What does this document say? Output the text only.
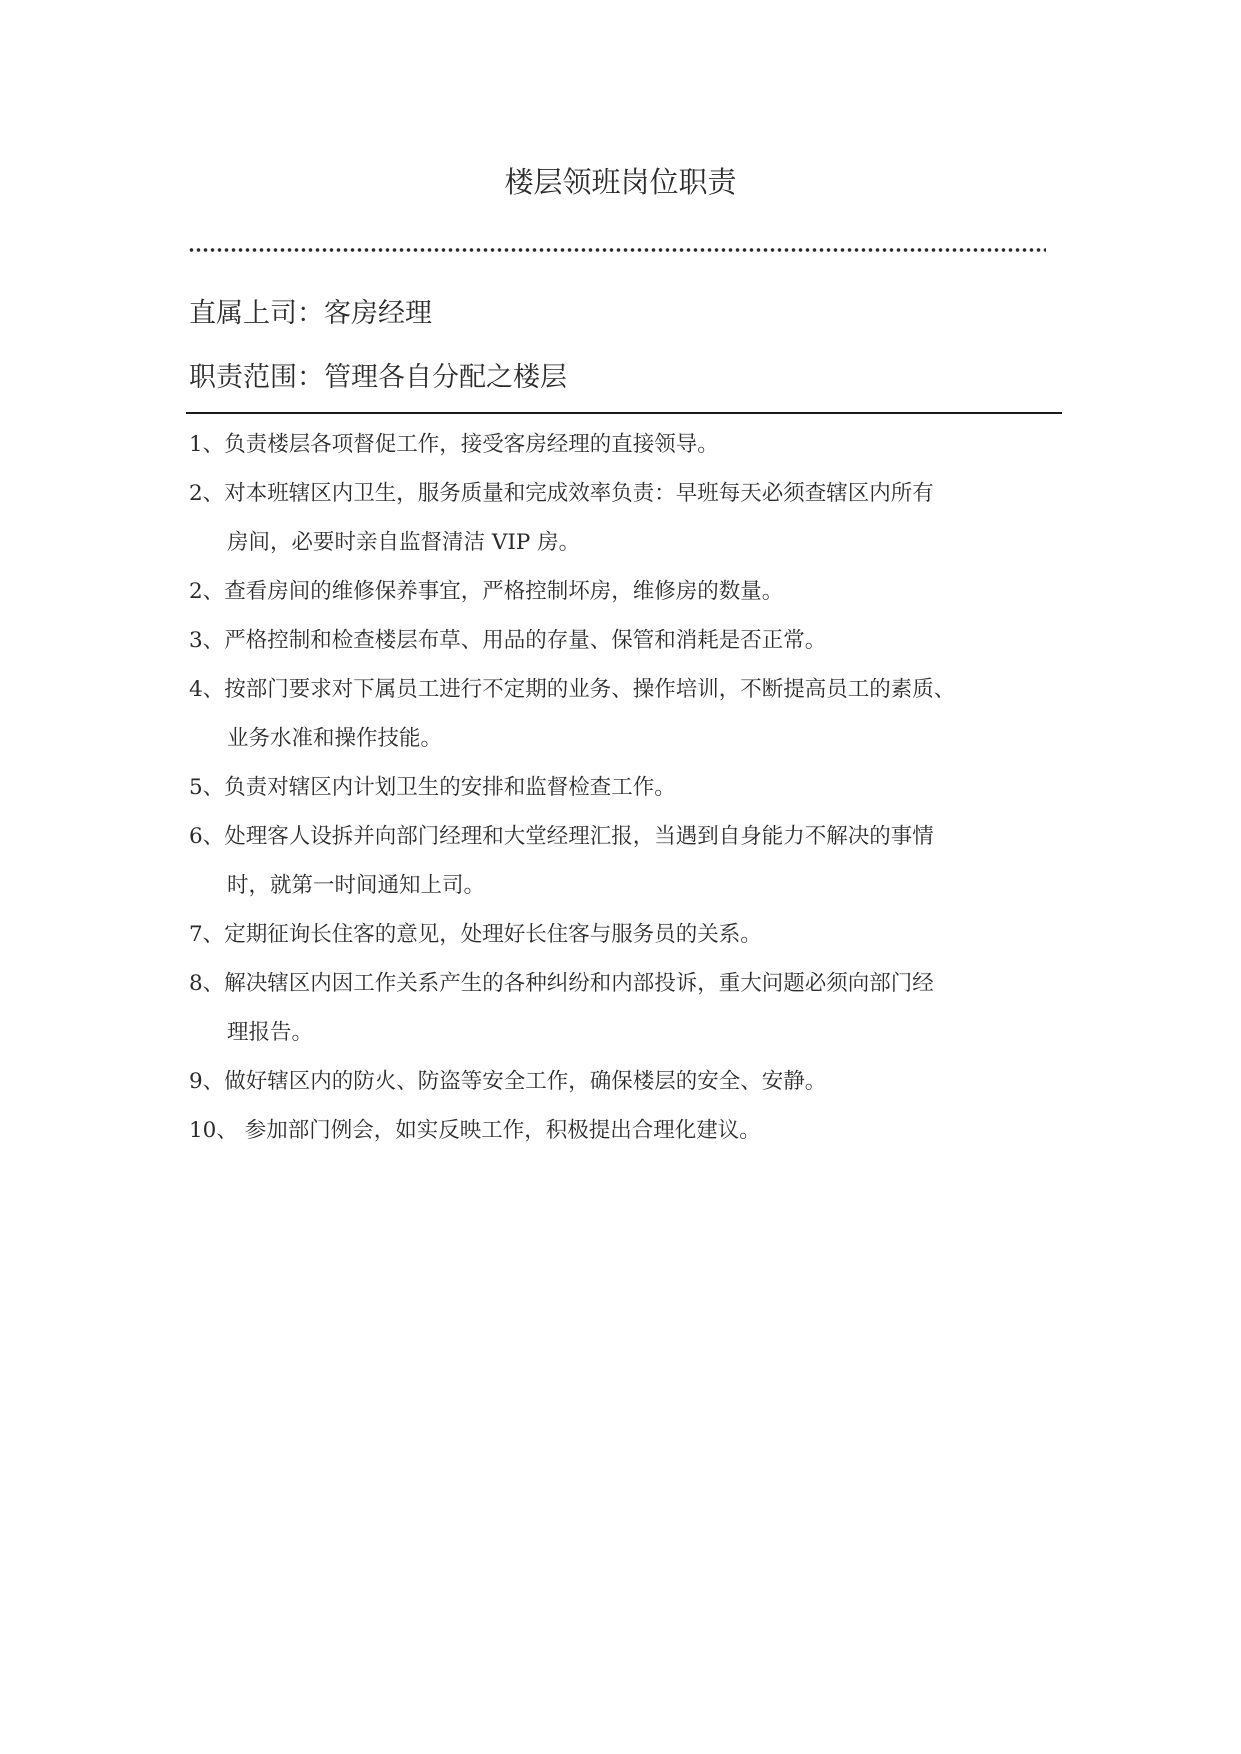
楼层领班岗位职责
直属上司：客房经理
职责范围：管理各自分配之楼层
1、负责楼层各项督促工作，接受客房经理的直接领导。
2、对本班辖区内卫生，服务质量和完成效率负责：早班每天必须查辖区内所有
房间，必要时亲自监督清洁 VIP 房。
2、查看房间的维修保养事宜，严格控制坏房，维修房的数量。
3、严格控制和检查楼层布草、用品的存量、保管和消耗是否正常。
4、按部门要求对下属员工进行不定期的业务、操作培训，不断提高员工的素质、
业务水准和操作技能。
5、负责对辖区内计划卫生的安排和监督检查工作。
6、处理客人设拆并向部门经理和大堂经理汇报，当遇到自身能力不解决的事情
时，就第一时间通知上司。
7、定期征询长住客的意见，处理好长住客与服务员的关系。
8、解决辖区内因工作关系产生的各种纠纷和内部投诉，重大问题必须向部门经
理报告。
9、做好辖区内的防火、防盗等安全工作，确保楼层的安全、安静。
10、 参加部门例会，如实反映工作，积极提出合理化建议。
